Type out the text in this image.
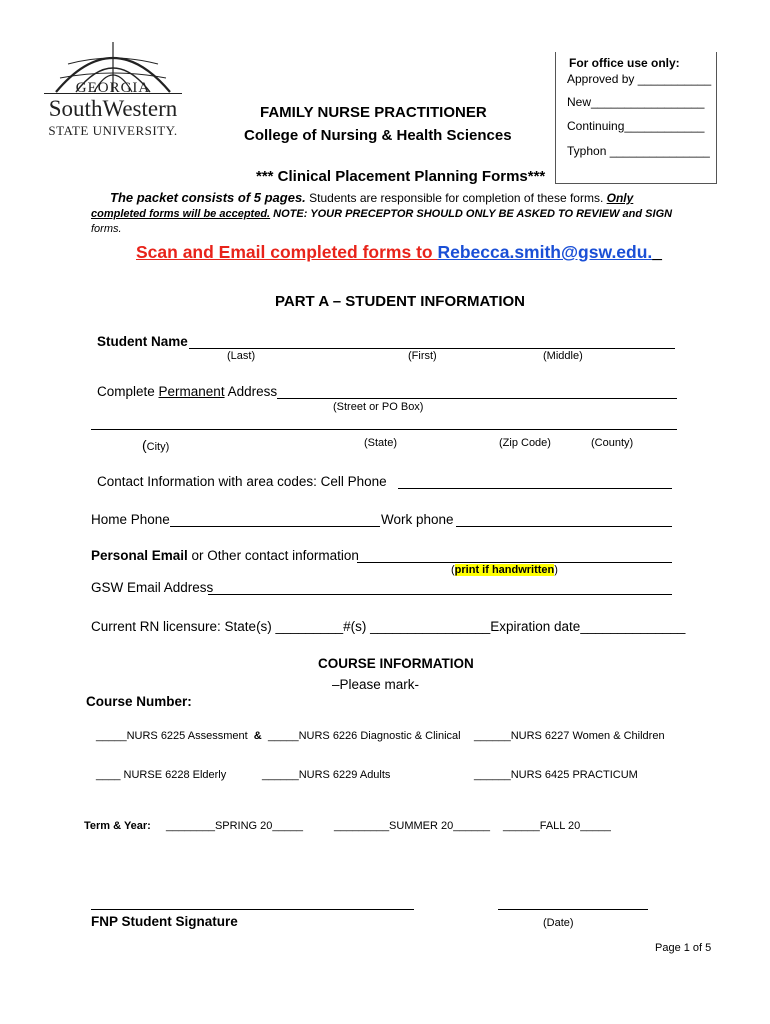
GEORGIA
SouthWestern
STATE UNIVERSITY.
For office use only:
Approved by ___________
New_________________
Continuing____________
Typhon _______________
FAMILY NURSE PRACTITIONER
College of Nursing & Health Sciences
*** Clinical Placement Planning Forms***
The packet consists of 5 pages. Students are responsible for completion of these forms. Only
completed forms will be accepted. NOTE: YOUR PRECEPTOR SHOULD ONLY BE ASKED TO REVIEW and SIGN
forms.
Scan and Email completed forms to Rebecca.smith@gsw.edu._
PART A – STUDENT INFORMATION
Student Name
(Last)	(First)	(Middle)
Complete Permanent Address
(Street or PO Box)
(City)	(State)	(Zip Code)	(County)
Contact Information with area codes: Cell Phone
Home Phone	Work phone
Personal Email or Other contact information
(print if handwritten)
GSW Email Address
Current RN licensure: State(s) _________#(s) ________________Expiration date______________
COURSE INFORMATION
–Please mark-
Course Number:
_____NURS 6225 Assessment & _____NURS 6226 Diagnostic & Clinical ______NURS 6227 Women & Children
____ NURSE 6228 Elderly	______NURS 6229 Adults	______NURS 6425 PRACTICUM
Term & Year: ________SPRING 20_____	_________SUMMER 20______ ______FALL 20_____
FNP Student Signature	(Date)
Page 1 of 5
